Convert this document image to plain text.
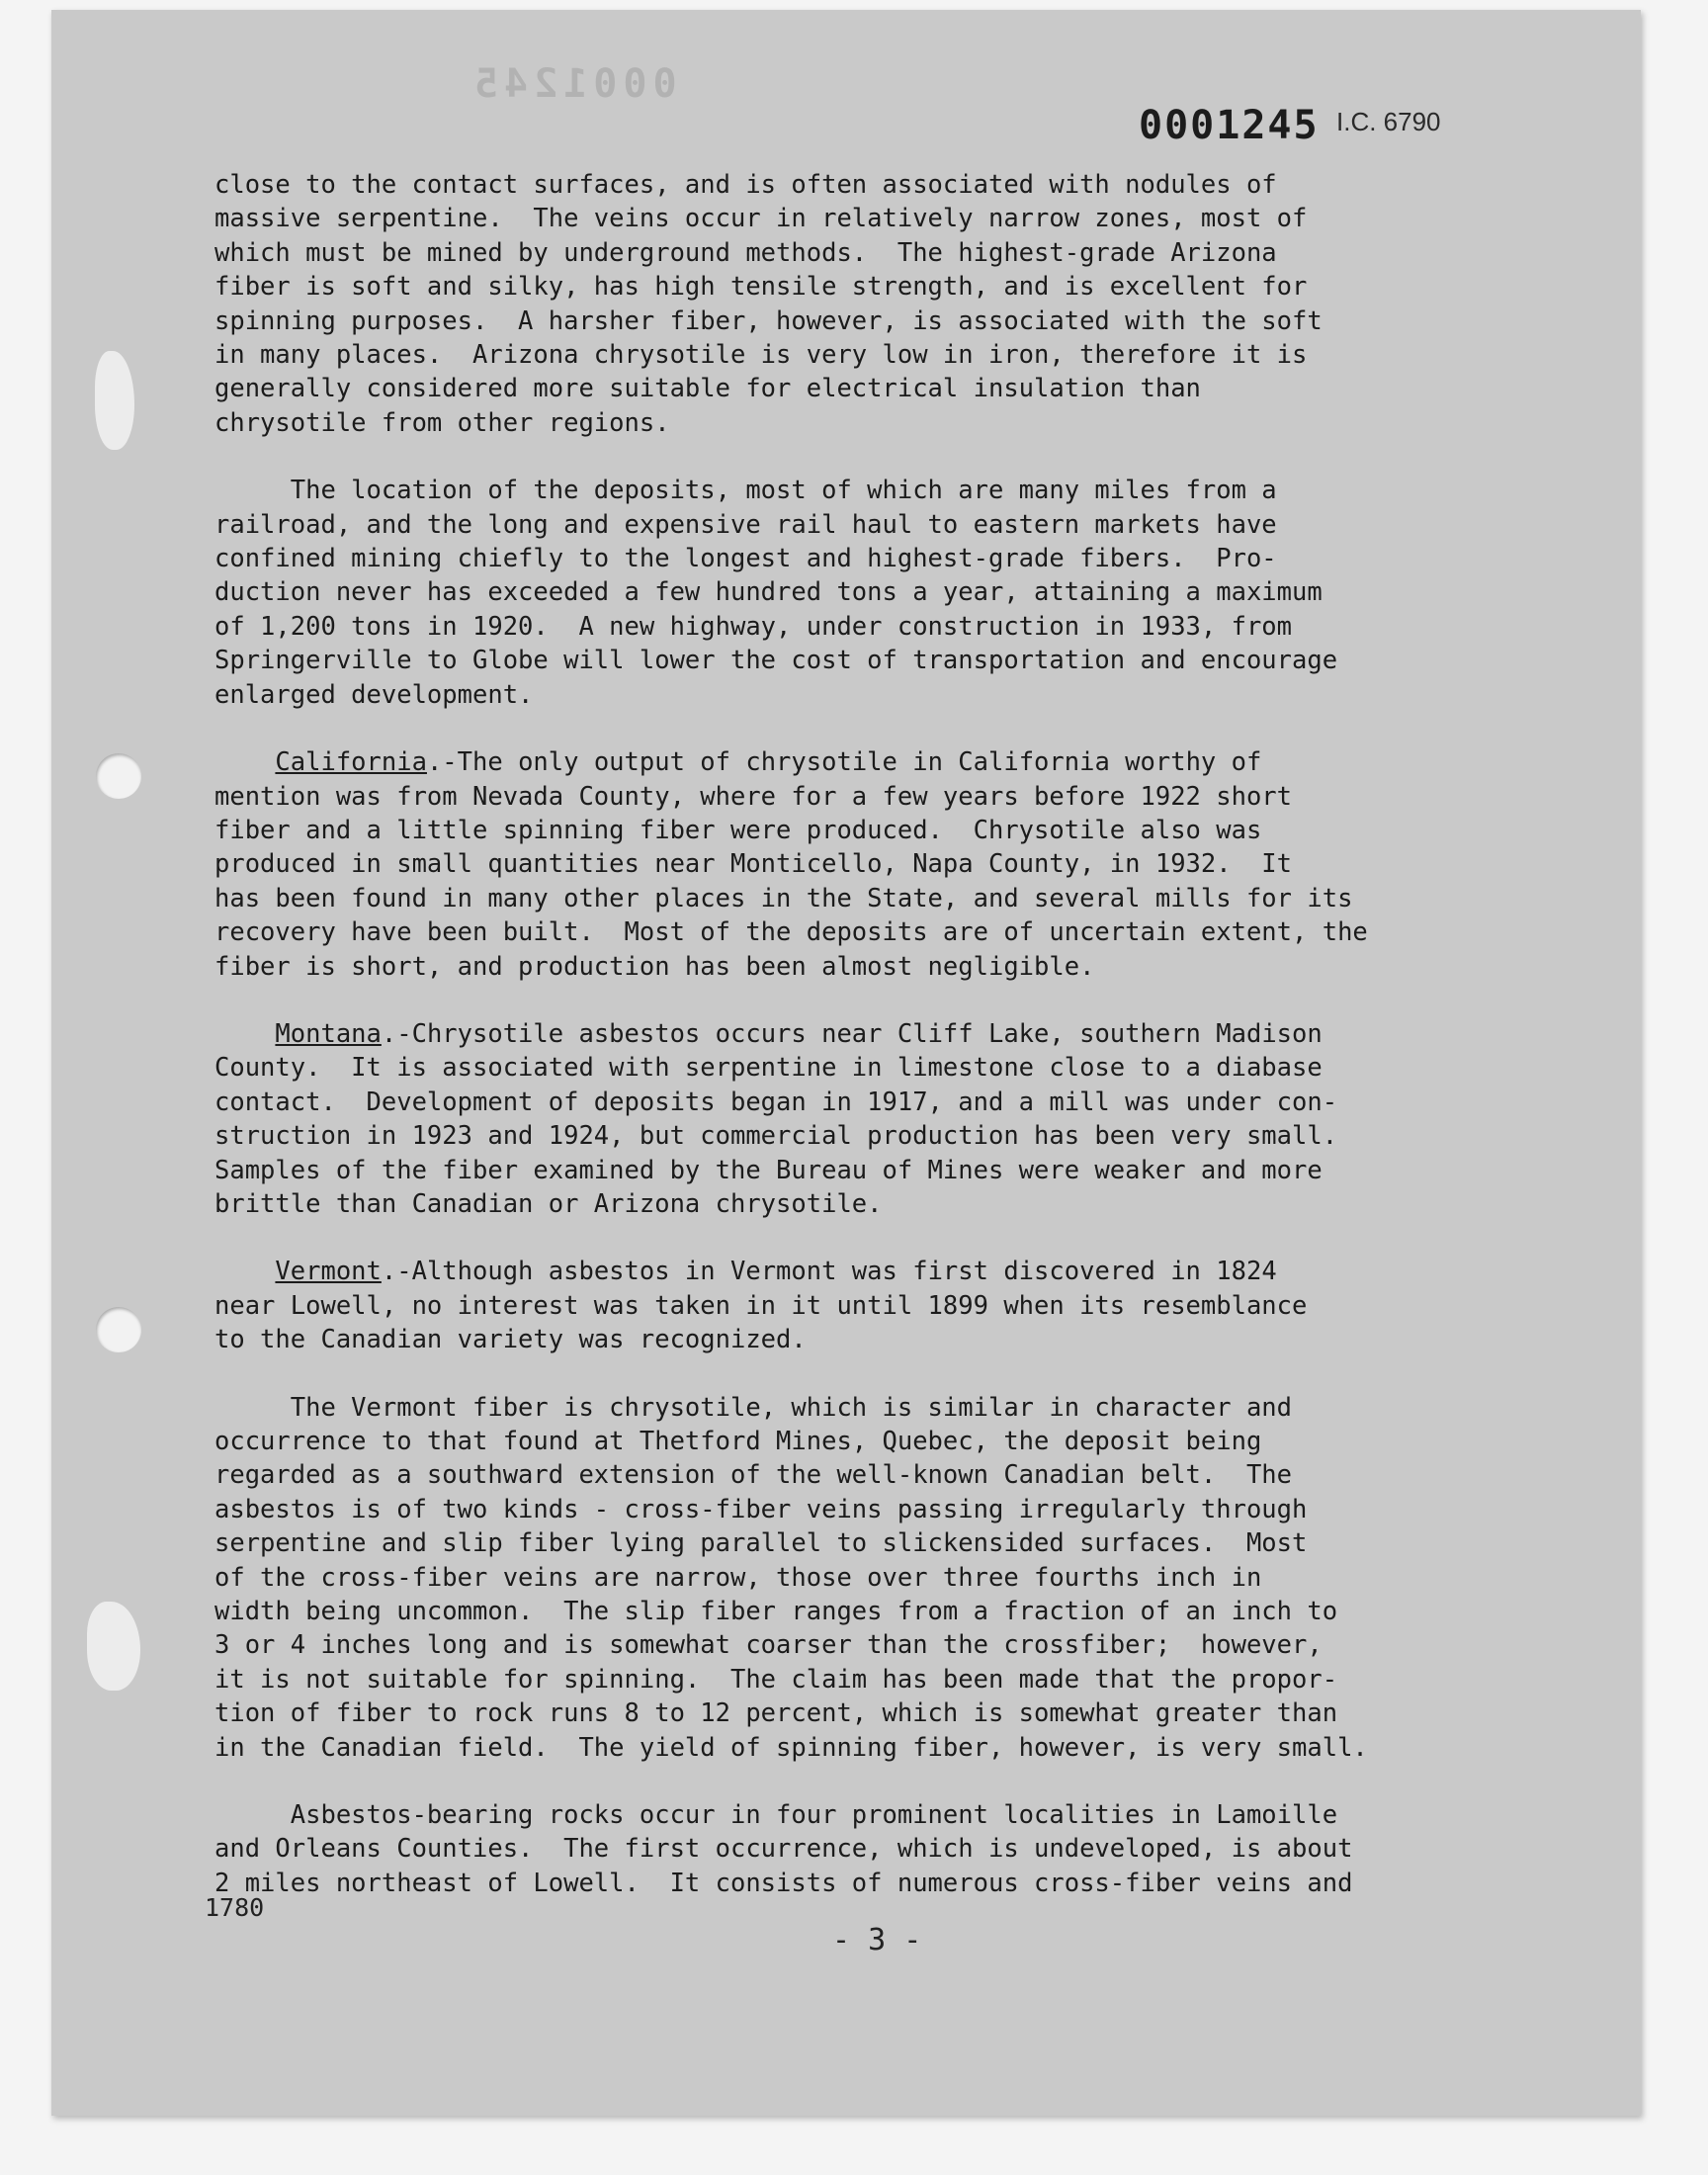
0001245
0001245 I.C. 6790

close to the contact surfaces, and is often associated with nodules of
massive serpentine.  The veins occur in relatively narrow zones, most of
which must be mined by underground methods.  The highest-grade Arizona
fiber is soft and silky, has high tensile strength, and is excellent for
spinning purposes.  A harsher fiber, however, is associated with the soft
in many places.  Arizona chrysotile is very low in iron, therefore it is
generally considered more suitable for electrical insulation than
chrysotile from other regions.

The location of the deposits, most of which are many miles from a
railroad, and the long and expensive rail haul to eastern markets have
confined mining chiefly to the longest and highest-grade fibers.  Pro-
duction never has exceeded a few hundred tons a year, attaining a maximum
of 1,200 tons in 1920.  A new highway, under construction in 1933, from
Springerville to Globe will lower the cost of transportation and encourage
enlarged development.

California.-The only output of chrysotile in California worthy of
mention was from Nevada County, where for a few years before 1922 short
fiber and a little spinning fiber were produced.  Chrysotile also was
produced in small quantities near Monticello, Napa County, in 1932.  It
has been found in many other places in the State, and several mills for its
recovery have been built.  Most of the deposits are of uncertain extent, the
fiber is short, and production has been almost negligible.

Montana.-Chrysotile asbestos occurs near Cliff Lake, southern Madison
County.  It is associated with serpentine in limestone close to a diabase
contact.  Development of deposits began in 1917, and a mill was under con-
struction in 1923 and 1924, but commercial production has been very small.
Samples of the fiber examined by the Bureau of Mines were weaker and more
brittle than Canadian or Arizona chrysotile.

Vermont.-Although asbestos in Vermont was first discovered in 1824
near Lowell, no interest was taken in it until 1899 when its resemblance
to the Canadian variety was recognized.

The Vermont fiber is chrysotile, which is similar in character and
occurrence to that found at Thetford Mines, Quebec, the deposit being
regarded as a southward extension of the well-known Canadian belt.  The
asbestos is of two kinds - cross-fiber veins passing irregularly through
serpentine and slip fiber lying parallel to slickensided surfaces.  Most
of the cross-fiber veins are narrow, those over three fourths inch in
width being uncommon.  The slip fiber ranges from a fraction of an inch to
3 or 4 inches long and is somewhat coarser than the crossfiber;  however,
it is not suitable for spinning.  The claim has been made that the propor-
tion of fiber to rock runs 8 to 12 percent, which is somewhat greater than
in the Canadian field.  The yield of spinning fiber, however, is very small.

Asbestos-bearing rocks occur in four prominent localities in Lamoille
and Orleans Counties.  The first occurrence, which is undeveloped, is about
2 miles northeast of Lowell.  It consists of numerous cross-fiber veins and

1780
- 3 -
